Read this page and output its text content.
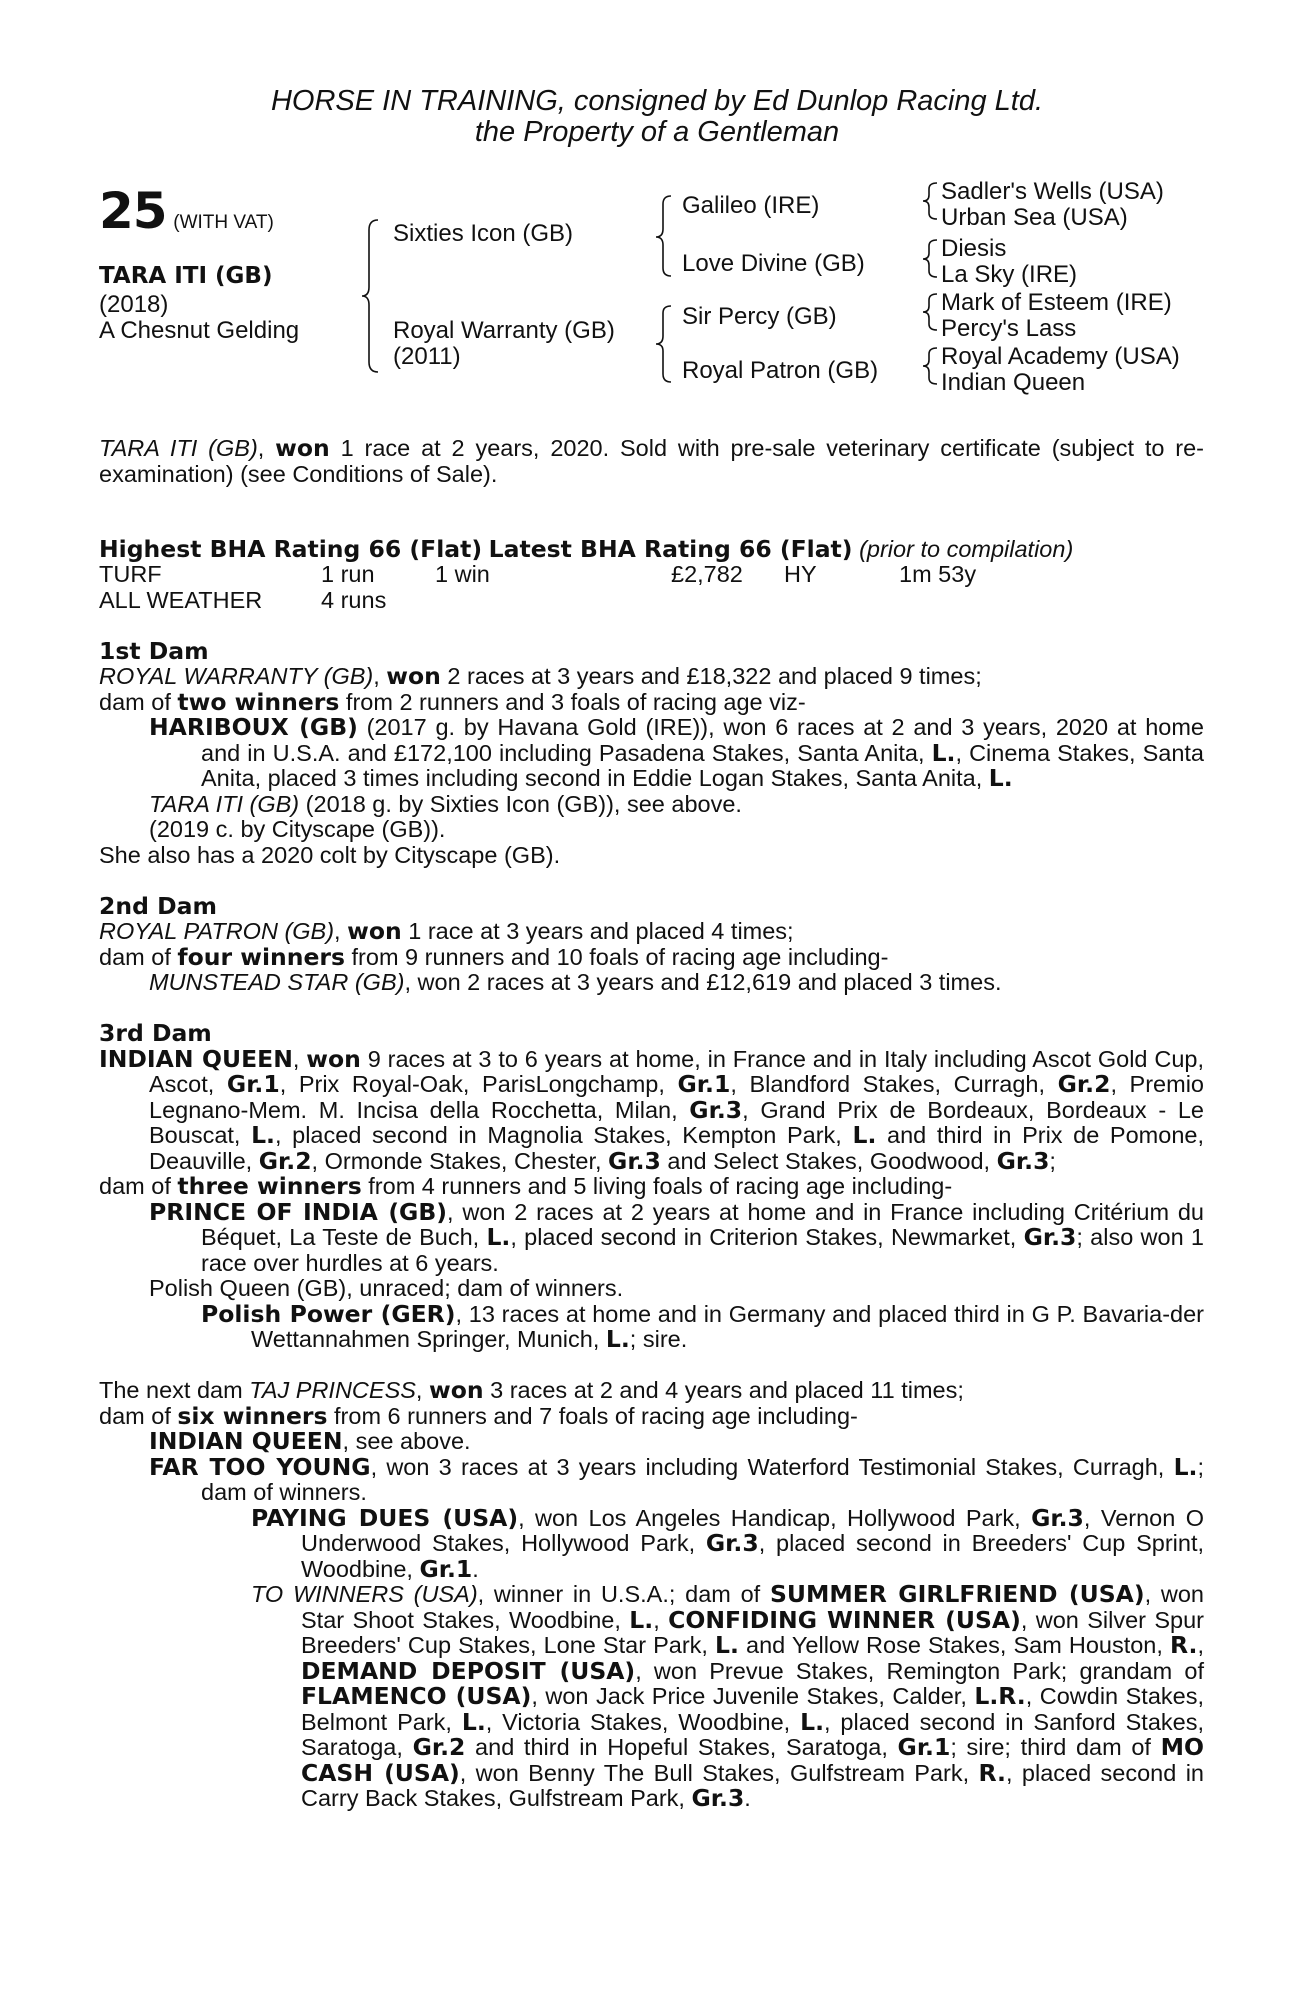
HORSE IN TRAINING, consigned by Ed Dunlop Racing Ltd.
the Property of a Gentleman
25 (WITH VAT)
TARA ITI (GB)
(2018)
A Chesnut Gelding
Sixties Icon (GB)
Royal Warranty (GB)
(2011)
Galileo (IRE)
Love Divine (GB)
Sir Percy (GB)
Royal Patron (GB)
Sadler's Wells (USA)
Urban Sea (USA)
Diesis
La Sky (IRE)
Mark of Esteem (IRE)
Percy's Lass
Royal Academy (USA)
Indian Queen

TARA ITI (GB), won 1 race at 2 years, 2020. Sold with pre-sale veterinary certificate (subject to re-examination) (see Conditions of Sale).

Highest BHA Rating 66 (Flat) Latest BHA Rating 66 (Flat) (prior to compilation)

TURF	1 run	1 win	£2,782	HY	1m 53y
ALL WEATHER	4 runs				

1st Dam

ROYAL WARRANTY (GB), won 2 races at 3 years and £18,322 and placed 9 times;

dam of two winners from 2 runners and 3 foals of racing age viz-

HARIBOUX (GB) (2017 g. by Havana Gold (IRE)), won 6 races at 2 and 3 years, 2020 at home and in U.S.A. and £172,100 including Pasadena Stakes, Santa Anita, L., Cinema Stakes, Santa Anita, placed 3 times including second in Eddie Logan Stakes, Santa Anita, L.

TARA ITI (GB) (2018 g. by Sixties Icon (GB)), see above.

(2019 c. by Cityscape (GB)).

She also has a 2020 colt by Cityscape (GB).

2nd Dam

ROYAL PATRON (GB), won 1 race at 3 years and placed 4 times;

dam of four winners from 9 runners and 10 foals of racing age including-

MUNSTEAD STAR (GB), won 2 races at 3 years and £12,619 and placed 3 times.

3rd Dam

INDIAN QUEEN, won 9 races at 3 to 6 years at home, in France and in Italy including Ascot Gold Cup, Ascot, Gr.1, Prix Royal-Oak, ParisLongchamp, Gr.1, Blandford Stakes, Curragh, Gr.2, Premio Legnano-Mem. M. Incisa della Rocchetta, Milan, Gr.3, Grand Prix de Bordeaux, Bordeaux - Le Bouscat, L., placed second in Magnolia Stakes, Kempton Park, L. and third in Prix de Pomone, Deauville, Gr.2, Ormonde Stakes, Chester, Gr.3 and Select Stakes, Goodwood, Gr.3;

dam of three winners from 4 runners and 5 living foals of racing age including-

PRINCE OF INDIA (GB), won 2 races at 2 years at home and in France including Critérium du Béquet, La Teste de Buch, L., placed second in Criterion Stakes, Newmarket, Gr.3; also won 1 race over hurdles at 6 years.

Polish Queen (GB), unraced; dam of winners.

Polish Power (GER), 13 races at home and in Germany and placed third in G P. Bavaria-der Wettannahmen Springer, Munich, L.; sire.

The next dam TAJ PRINCESS, won 3 races at 2 and 4 years and placed 11 times;

dam of six winners from 6 runners and 7 foals of racing age including-

INDIAN QUEEN, see above.

FAR TOO YOUNG, won 3 races at 3 years including Waterford Testimonial Stakes, Curragh, L.; dam of winners.

PAYING DUES (USA), won Los Angeles Handicap, Hollywood Park, Gr.3, Vernon O Underwood Stakes, Hollywood Park, Gr.3, placed second in Breeders' Cup Sprint, Woodbine, Gr.1.

TO WINNERS (USA), winner in U.S.A.; dam of SUMMER GIRLFRIEND (USA), won Star Shoot Stakes, Woodbine, L., CONFIDING WINNER (USA), won Silver Spur Breeders' Cup Stakes, Lone Star Park, L. and Yellow Rose Stakes, Sam Houston, R., DEMAND DEPOSIT (USA), won Prevue Stakes, Remington Park; grandam of FLAMENCO (USA), won Jack Price Juvenile Stakes, Calder, L.R., Cowdin Stakes, Belmont Park, L., Victoria Stakes, Woodbine, L., placed second in Sanford Stakes, Saratoga, Gr.2 and third in Hopeful Stakes, Saratoga, Gr.1; sire; third dam of MO CASH (USA), won Benny The Bull Stakes, Gulfstream Park, R., placed second in Carry Back Stakes, Gulfstream Park, Gr.3.
